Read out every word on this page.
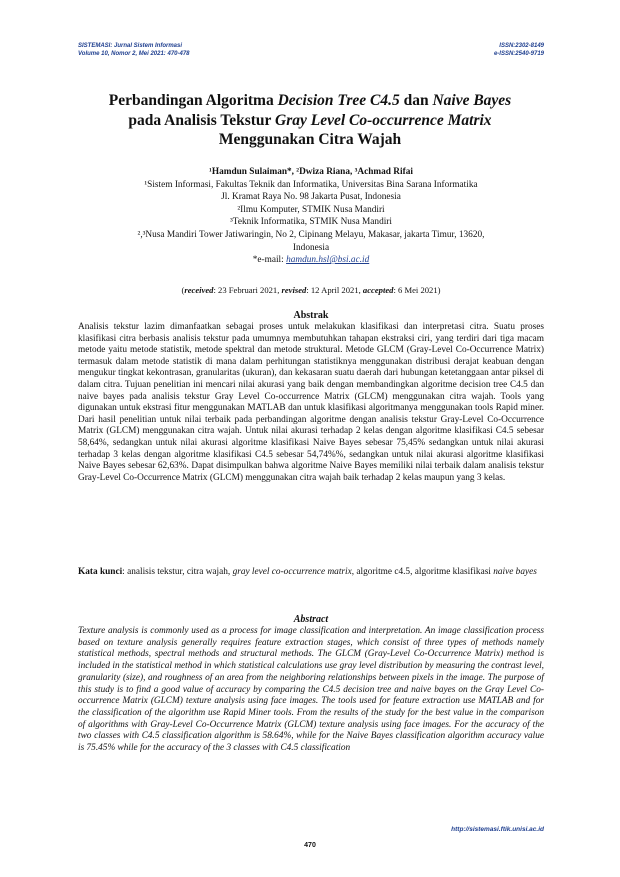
SISTEMASI: Jurnal Sistem Informasi
Volume 10, Nomor 2, Mei 2021: 470-478
ISSN:2302-8149
e-ISSN:2540-9719
Perbandingan Algoritma Decision Tree C4.5 dan Naive Bayes
pada Analisis Tekstur Gray Level Co-occurrence Matrix
Menggunakan Citra Wajah
¹Hamdun Sulaiman*, ²Dwiza Riana, ³Achmad Rifai
¹Sistem Informasi, Fakultas Teknik dan Informatika, Universitas Bina Sarana Informatika
Jl. Kramat Raya No. 98 Jakarta Pusat, Indonesia
²Ilmu Komputer, STMIK Nusa Mandiri
³Teknik Informatika, STMIK Nusa Mandiri
²,³Nusa Mandiri Tower Jatiwaringin, No 2, Cipinang Melayu, Makasar, jakarta Timur, 13620,
Indonesia
*e-mail: hamdun.hsl@bsi.ac.id
(received: 23 Februari 2021, revised: 12 April 2021, accepted: 6 Mei 2021)
Abstrak
Analisis tekstur lazim dimanfaatkan sebagai proses untuk melakukan klasifikasi dan interpretasi citra. Suatu proses klasifikasi citra berbasis analisis tekstur pada umumnya membutuhkan tahapan ekstraksi ciri, yang terdiri dari tiga macam metode yaitu metode statistik, metode spektral dan metode struktural. Metode GLCM (Gray-Level Co-Occurrence Matrix) termasuk dalam metode statistik di mana dalam perhitungan statistiknya menggunakan distribusi derajat keabuan dengan mengukur tingkat kekontrasan, granularitas (ukuran), dan kekasaran suatu daerah dari hubungan ketetanggaan antar piksel di dalam citra. Tujuan penelitian ini mencari nilai akurasi yang baik dengan membandingkan algoritme decision tree C4.5 dan naive bayes pada analisis tekstur Gray Level Co-occurrence Matrix (GLCM) menggunakan citra wajah. Tools yang digunakan untuk ekstrasi fitur menggunakan MATLAB dan untuk klasifikasi algoritmanya menggunakan tools Rapid miner. Dari hasil penelitian untuk nilai terbaik pada perbandingan algoritme dengan analisis tekstur Gray-Level Co-Occurrence Matrix (GLCM) menggunakan citra wajah. Untuk nilai akurasi terhadap 2 kelas dengan algoritme klasifikasi C4.5 sebesar 58,64%, sedangkan untuk nilai akurasi algoritme klasifikasi Naive Bayes sebesar 75,45% sedangkan untuk nilai akurasi terhadap 3 kelas dengan algoritme klasifikasi C4.5 sebesar 54,74%%, sedangkan untuk nilai akurasi algoritme klasifikasi Naive Bayes sebesar 62,63%. Dapat disimpulkan bahwa algoritme Naive Bayes memiliki nilai terbaik dalam analisis tekstur Gray-Level Co-Occurrence Matrix (GLCM) menggunakan citra wajah baik terhadap 2 kelas maupun yang 3 kelas.
Kata kunci: analisis tekstur, citra wajah, gray level co-occurrence matrix, algoritme c4.5, algoritme klasifikasi naive bayes
Abstract
Texture analysis is commonly used as a process for image classification and interpretation. An image classification process based on texture analysis generally requires feature extraction stages, which consist of three types of methods namely statistical methods, spectral methods and structural methods. The GLCM (Gray-Level Co-Occurrence Matrix) method is included in the statistical method in which statistical calculations use gray level distribution by measuring the contrast level, granularity (size), and roughness of an area from the neighboring relationships between pixels in the image. The purpose of this study is to find a good value of accuracy by comparing the C4.5 decision tree and naive bayes on the Gray Level Co-occurrence Matrix (GLCM) texture analysis using face images. The tools used for feature extraction use MATLAB and for the classification of the algorithm use Rapid Miner tools. From the results of the study for the best value in the comparison of algorithms with Gray-Level Co-Occurrence Matrix (GLCM) texture analysis using face images. For the accuracy of the two classes with C4.5 classification algorithm is 58.64%, while for the Naive Bayes classification algorithm accuracy value is 75.45% while for the accuracy of the 3 classes with C4.5 classification
http://sistemasi.ftik.unisi.ac.id
470
